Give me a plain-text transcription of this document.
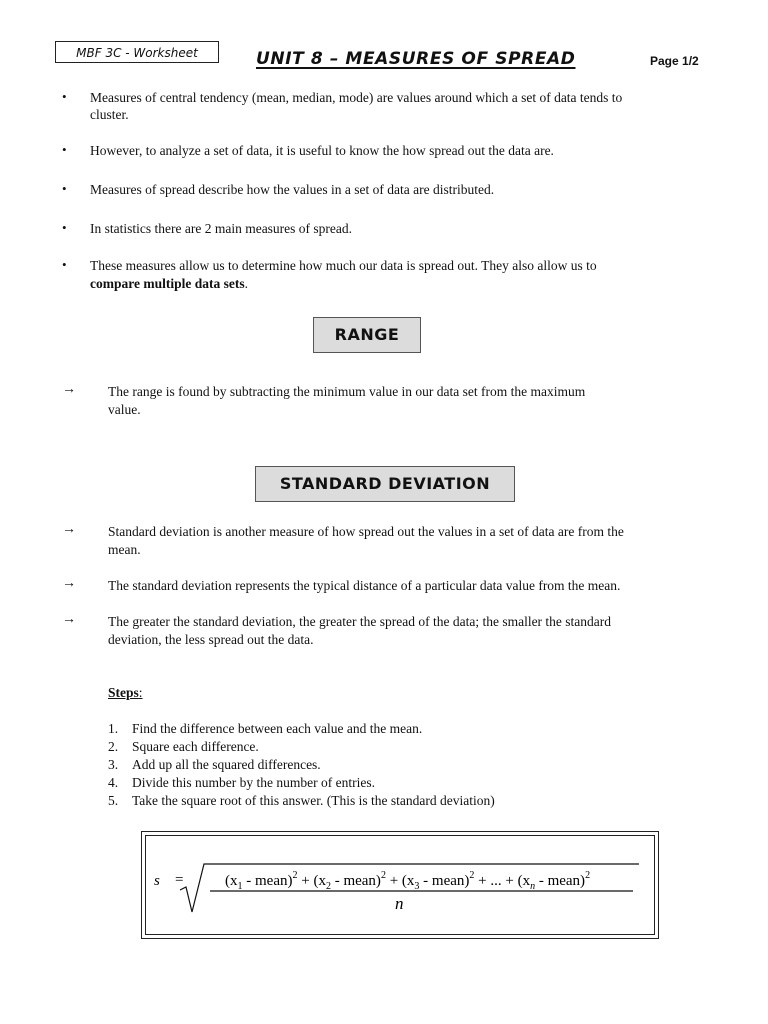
MBF 3C - Worksheet	UNIT 8 – MEASURES OF SPREAD	Page 1/2
• Measures of central tendency (mean, median, mode) are values around which a set of data tends to
cluster.
• However, to analyze a set of data, it is useful to know the how spread out the data are.
• Measures of spread describe how the values in a set of data are distributed.
• In statistics there are 2 main measures of spread.
• These measures allow us to determine how much our data is spread out. They also allow us to
compare multiple data sets.
RANGE
→ The range is found by subtracting the minimum value in our data set from the maximum
value.
STANDARD DEVIATION
→ Standard deviation is another measure of how spread out the values in a set of data are from the
mean.
→ The standard deviation represents the typical distance of a particular data value from the mean.
→ The greater the standard deviation, the greater the spread of the data; the smaller the standard
deviation, the less spread out the data.
Steps:
1. Find the difference between each value and the mean.
2. Square each difference.
3. Add up all the squared differences.
4. Divide this number by the number of entries.
5. Take the square root of this answer. (This is the standard deviation)
s =	($x_1$ - mean)$^2$ + ($x_2$ - mean)$^2$ + ($x_3$ - mean)$^2$ + ... + ($x_n$ - mean)$^2$
n
